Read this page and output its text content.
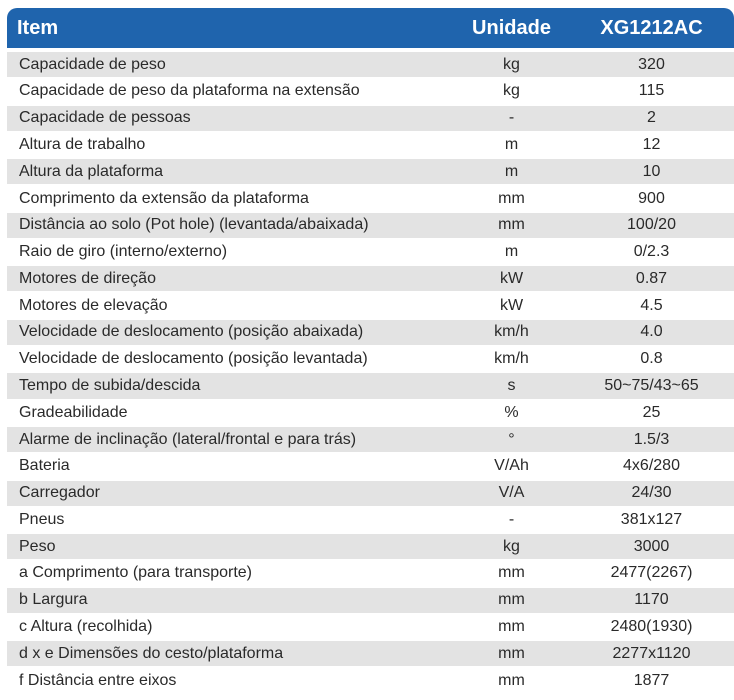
Item	Unidade	XG1212AC
Capacidade de peso	kg	320
Capacidade de peso da plataforma na extensão	kg	115
Capacidade de pessoas	-	2
Altura de trabalho	m	12
Altura da plataforma	m	10
Comprimento da extensão da plataforma	mm	900
Distância ao solo (Pot hole) (levantada/abaixada)	mm	100/20
Raio de giro (interno/externo)	m	0/2.3
Motores de direção	kW	0.87
Motores de elevação	kW	4.5
Velocidade de deslocamento (posição abaixada)	km/h	4.0
Velocidade de deslocamento (posição levantada)	km/h	0.8
Tempo de subida/descida	s	50~75/43~65
Gradeabilidade	%	25
Alarme de inclinação (lateral/frontal e para trás)	°	1.5/3
Bateria	V/Ah	4x6/280
Carregador	V/A	24/30
Pneus	-	381x127
Peso	kg	3000
a Comprimento (para transporte)	mm	2477(2267)
b Largura	mm	1170
c Altura (recolhida)	mm	2480(1930)
d x e Dimensões do cesto/plataforma	mm	2277x1120
f Distância entre eixos	mm	1877
